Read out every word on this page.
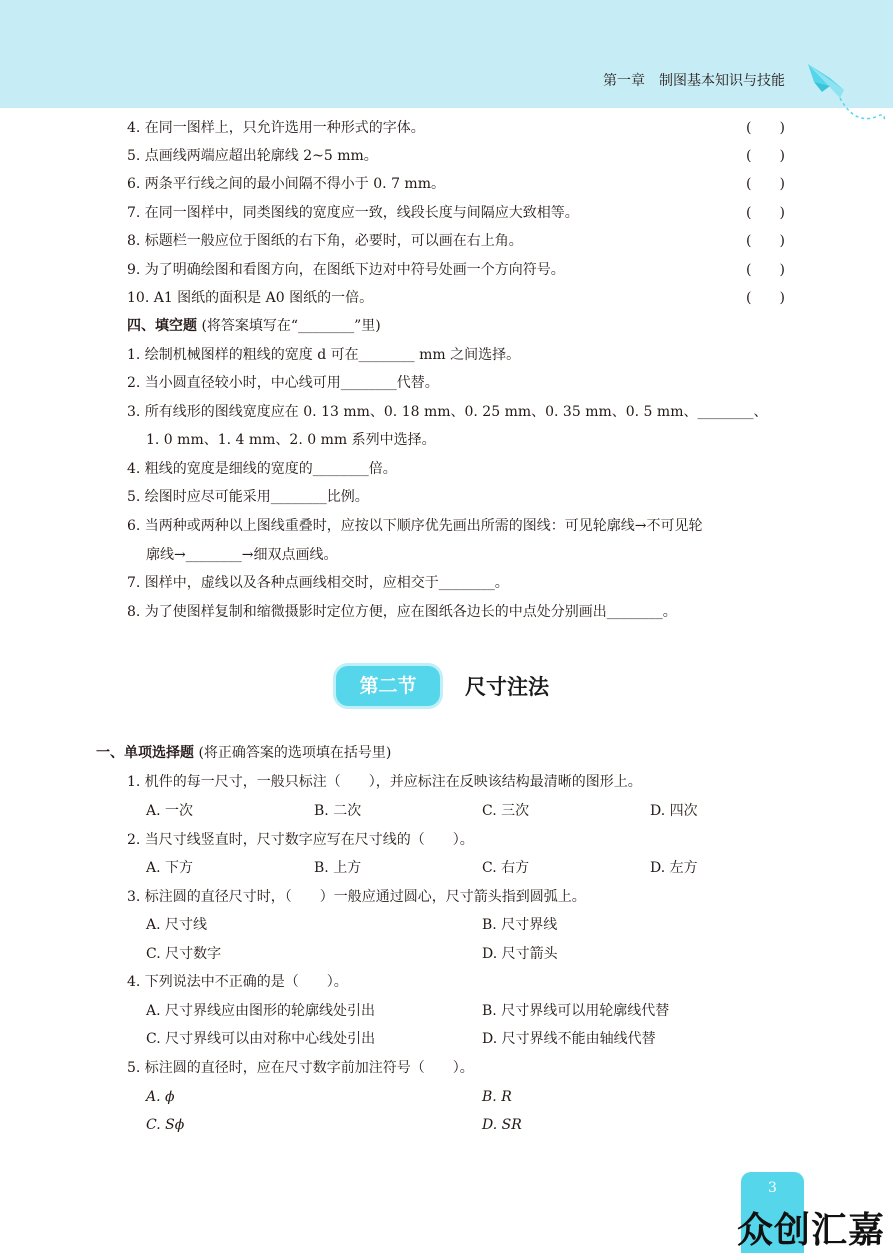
第一章　制图基本知识与技能
4. 在同一图样上，只允许选用一种形式的字体。	(　　)
5. 点画线两端应超出轮廓线 2~5 mm。	(　　)
6. 两条平行线之间的最小间隔不得小于 0. 7 mm。	(　　)
7. 在同一图样中，同类图线的宽度应一致，线段长度与间隔应大致相等。	(　　)
8. 标题栏一般应位于图纸的右下角，必要时，可以画在右上角。	(　　)
9. 为了明确绘图和看图方向，在图纸下边对中符号处画一个方向符号。	(　　)
10. A1 图纸的面积是 A0 图纸的一倍。	(　　)
四、填空题 (将答案填写在“________”里)
1. 绘制机械图样的粗线的宽度 d 可在________ mm 之间选择。
2. 当小圆直径较小时，中心线可用________代替。
3. 所有线形的图线宽度应在 0. 13 mm、0. 18 mm、0. 25 mm、0. 35 mm、0. 5 mm、________、
1. 0 mm、1. 4 mm、2. 0 mm 系列中选择。
4. 粗线的宽度是细线的宽度的________倍。
5. 绘图时应尽可能采用________比例。
6. 当两种或两种以上图线重叠时，应按以下顺序优先画出所需的图线：可见轮廓线→不可见轮
廓线→________→细双点画线。
7. 图样中，虚线以及各种点画线相交时，应相交于________。
8. 为了使图样复制和缩微摄影时定位方便，应在图纸各边长的中点处分别画出________。
第二节	尺寸注法
一、单项选择题 (将正确答案的选项填在括号里)
1. 机件的每一尺寸，一般只标注（　　），并应标注在反映该结构最清晰的图形上。
A. 一次	B. 二次	C. 三次	D. 四次
2. 当尺寸线竖直时，尺寸数字应写在尺寸线的（　　）。
A. 下方	B. 上方	C. 右方	D. 左方
3. 标注圆的直径尺寸时，（　　）一般应通过圆心，尺寸箭头指到圆弧上。
A. 尺寸线	B. 尺寸界线
C. 尺寸数字	D. 尺寸箭头
4. 下列说法中不正确的是（　　）。
A. 尺寸界线应由图形的轮廓线处引出	B. 尺寸界线可以用轮廓线代替
C. 尺寸界线可以由对称中心线处引出	D. 尺寸界线不能由轴线代替
5. 标注圆的直径时，应在尺寸数字前加注符号（　　）。
A. ϕ	B. R
C. Sϕ	D. SR
3
众创汇嘉
